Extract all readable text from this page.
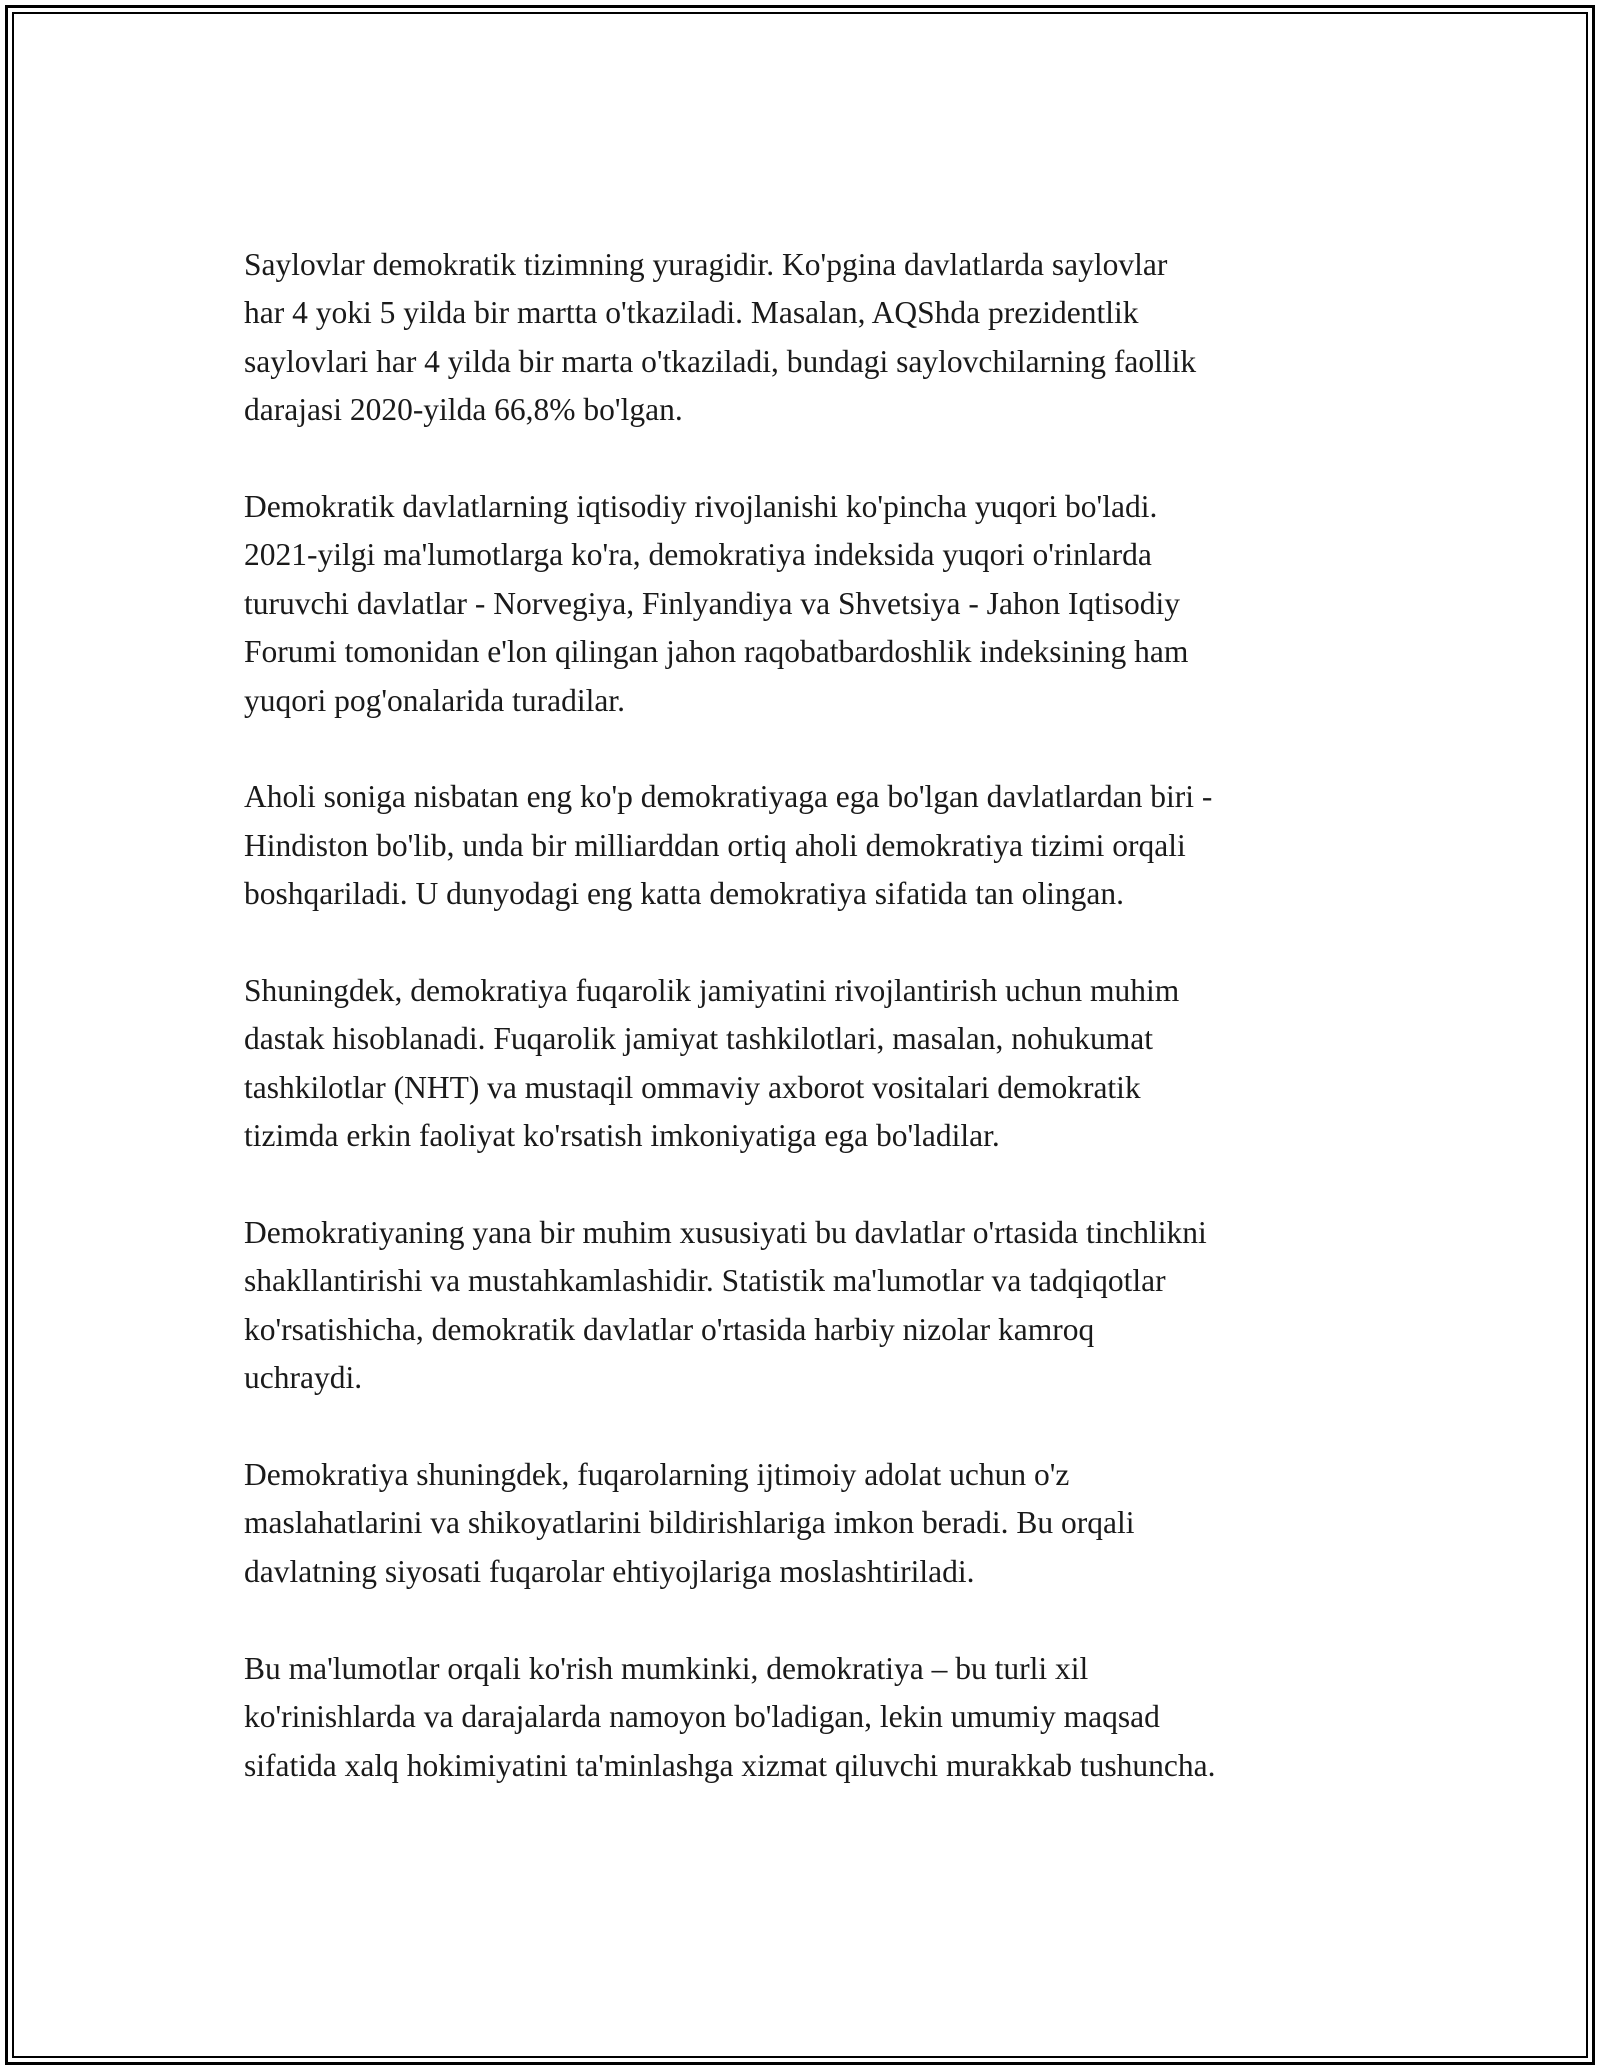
Saylovlar demokratik tizimning yuragidir. Ko'pgina davlatlarda saylovlar
har 4 yoki 5 yilda bir martta o'tkaziladi. Masalan, AQShda prezidentlik
saylovlari har 4 yilda bir marta o'tkaziladi, bundagi saylovchilarning faollik
darajasi 2020-yilda 66,8% bo'lgan.

Demokratik davlatlarning iqtisodiy rivojlanishi ko'pincha yuqori bo'ladi.
2021-yilgi ma'lumotlarga ko'ra, demokratiya indeksida yuqori o'rinlarda
turuvchi davlatlar - Norvegiya, Finlyandiya va Shvetsiya - Jahon Iqtisodiy
Forumi tomonidan e'lon qilingan jahon raqobatbardoshlik indeksining ham
yuqori pog'onalarida turadilar.

Aholi soniga nisbatan eng ko'p demokratiyaga ega bo'lgan davlatlardan biri -
Hindiston bo'lib, unda bir milliarddan ortiq aholi demokratiya tizimi orqali
boshqariladi. U dunyodagi eng katta demokratiya sifatida tan olingan.

Shuningdek, demokratiya fuqarolik jamiyatini rivojlantirish uchun muhim
dastak hisoblanadi. Fuqarolik jamiyat tashkilotlari, masalan, nohukumat
tashkilotlar (NHT) va mustaqil ommaviy axborot vositalari demokratik
tizimda erkin faoliyat ko'rsatish imkoniyatiga ega bo'ladilar.

Demokratiyaning yana bir muhim xususiyati bu davlatlar o'rtasida tinchlikni
shakllantirishi va mustahkamlashidir. Statistik ma'lumotlar va tadqiqotlar
ko'rsatishicha, demokratik davlatlar o'rtasida harbiy nizolar kamroq
uchraydi.

Demokratiya shuningdek, fuqarolarning ijtimoiy adolat uchun o'z
maslahatlarini va shikoyatlarini bildirishlariga imkon beradi. Bu orqali
davlatning siyosati fuqarolar ehtiyojlariga moslashtiriladi.

Bu ma'lumotlar orqali ko'rish mumkinki, demokratiya – bu turli xil
ko'rinishlarda va darajalarda namoyon bo'ladigan, lekin umumiy maqsad
sifatida xalq hokimiyatini ta'minlashga xizmat qiluvchi murakkab tushuncha.
